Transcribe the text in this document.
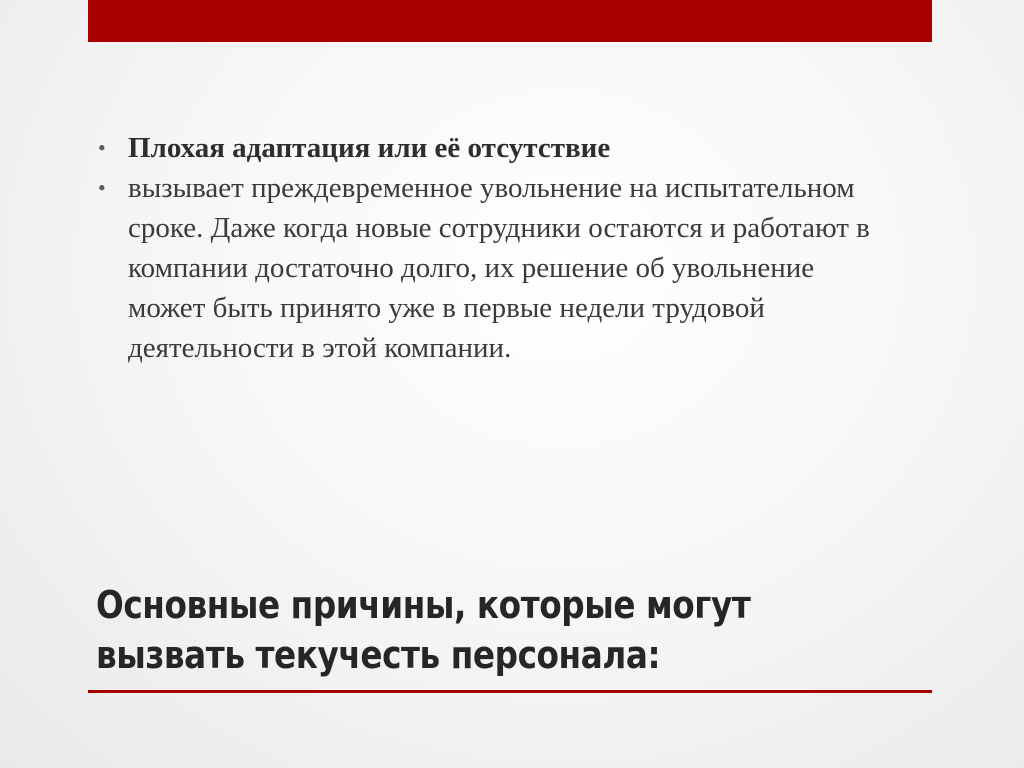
• Плохая адаптация или её отсутствие
• вызывает преждевременное увольнение на испытательном сроке. Даже когда новые сотрудники остаются и работают в компании достаточно долго, их решение об увольнение может быть принято уже в первые недели трудовой деятельности в этой компании.
Основные причины, которые могут вызвать текучесть персонала:
